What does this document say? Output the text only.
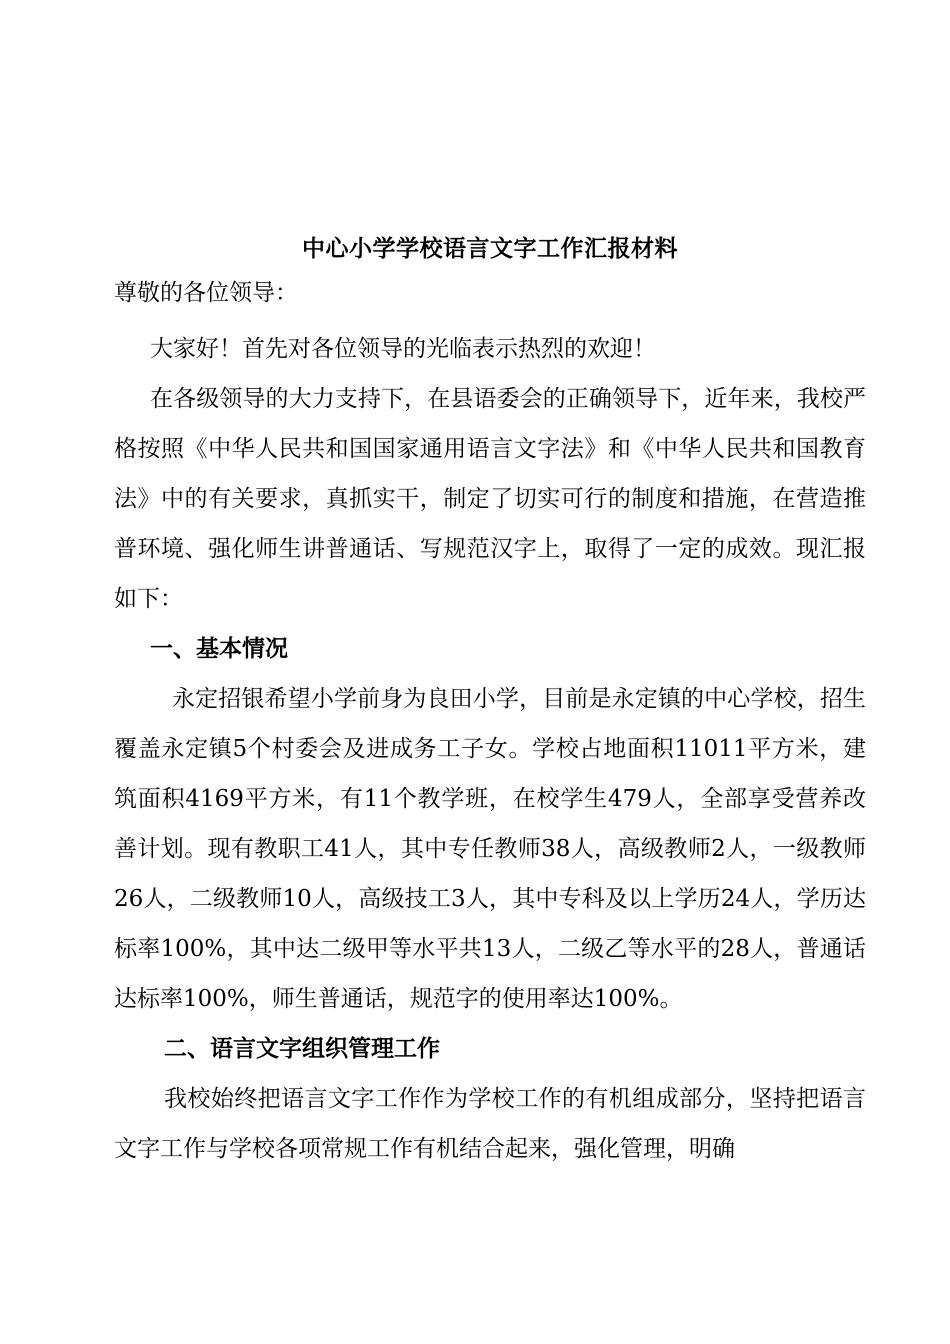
中心小学学校语言文字工作汇报材料
尊敬的各位领导：

大家好！首先对各位领导的光临表示热烈的欢迎！

在各级领导的大力支持下，在县语委会的正确领导下，近年来，我校严格按照《中华人民共和国国家通用语言文字法》和《中华人民共和国教育法》中的有关要求，真抓实干，制定了切实可行的制度和措施，在营造推普环境、强化师生讲普通话、写规范汉字上，取得了一定的成效。现汇报如下：

一、基本情况

永定招银希望小学前身为良田小学，目前是永定镇的中心学校，招生覆盖永定镇5个村委会及进成务工子女。学校占地面积11011平方米，建筑面积4169平方米，有11个教学班，在校学生479人，全部享受营养改善计划。现有教职工41人，其中专任教师38人，高级教师2人，一级教师26人，二级教师10人，高级技工3人，其中专科及以上学历24人，学历达标率100%，其中达二级甲等水平共13人，二级乙等水平的28人，普通话达标率100%，师生普通话，规范字的使用率达100%。

二、语言文字组织管理工作

我校始终把语言文字工作作为学校工作的有机组成部分，坚持把语言文字工作与学校各项常规工作有机结合起来，强化管理，明确
